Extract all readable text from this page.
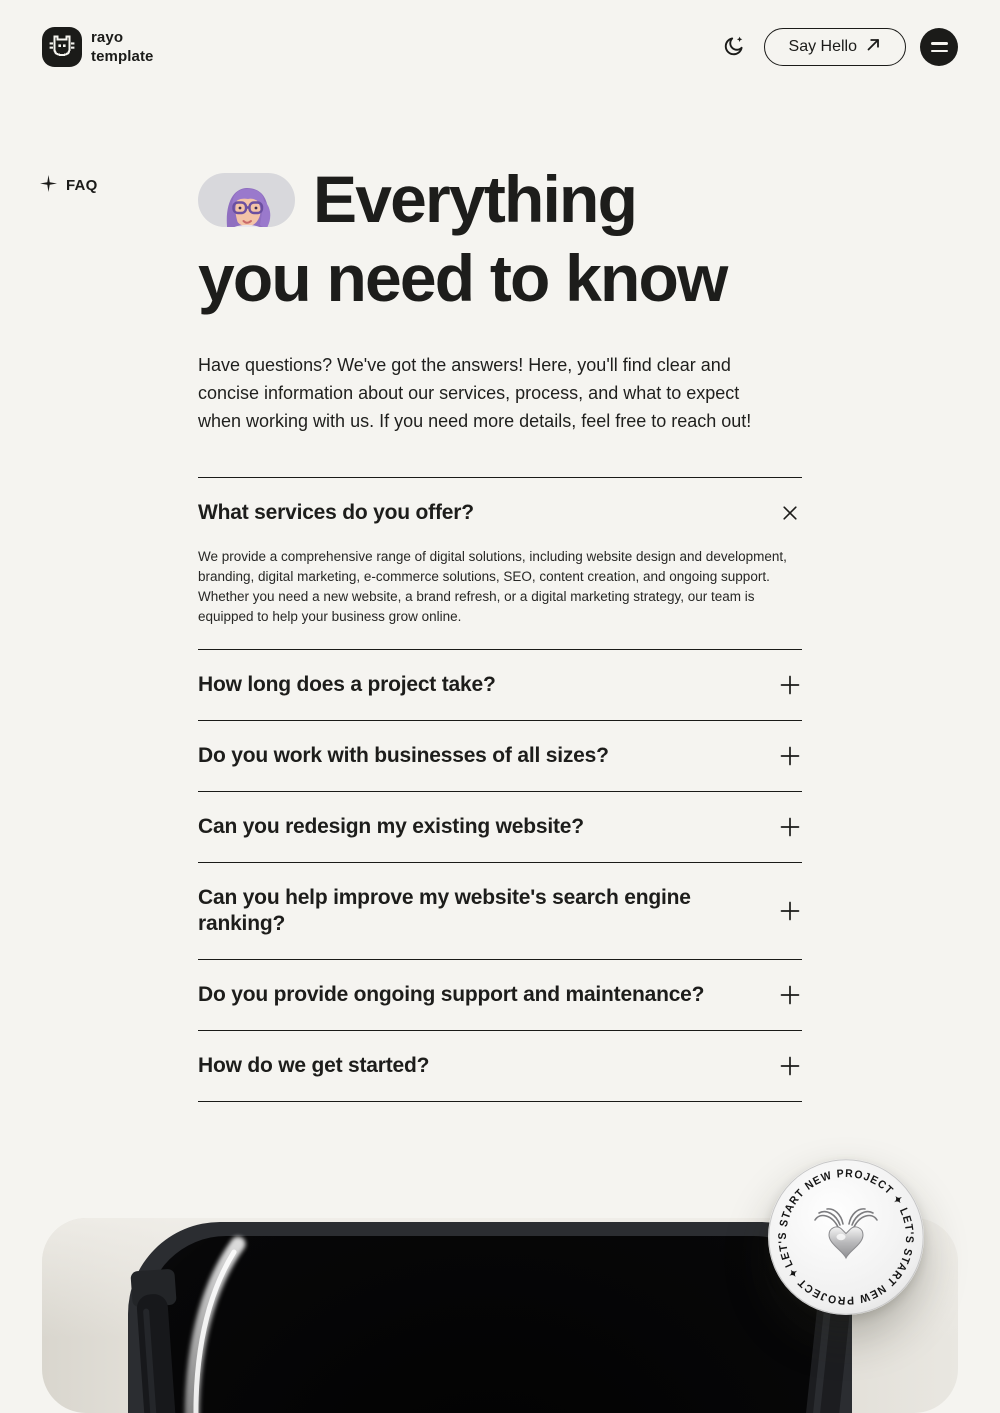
rayo
template
Say Hello
FAQ	Everything
you need to know

Have questions? We've got the answers! Here, you'll find clear and concise information about our services, process, and what to expect when working with us. If you need more details, feel free to reach out!

What services do you offer?
We provide a comprehensive range of digital solutions, including website design and development, branding, digital marketing, e-commerce solutions, SEO, content creation, and ongoing support. Whether you need a new website, a brand refresh, or a digital marketing strategy, our team is equipped to help your business grow online.
How long does a project take?
Do you work with businesses of all sizes?
Can you redesign my existing website?
Can you help improve my website's search engine ranking?
Do you provide ongoing support and maintenance?
How do we get started?
LET'S START NEW PROJECT ✦ LET'S START NEW PROJECT ✦
